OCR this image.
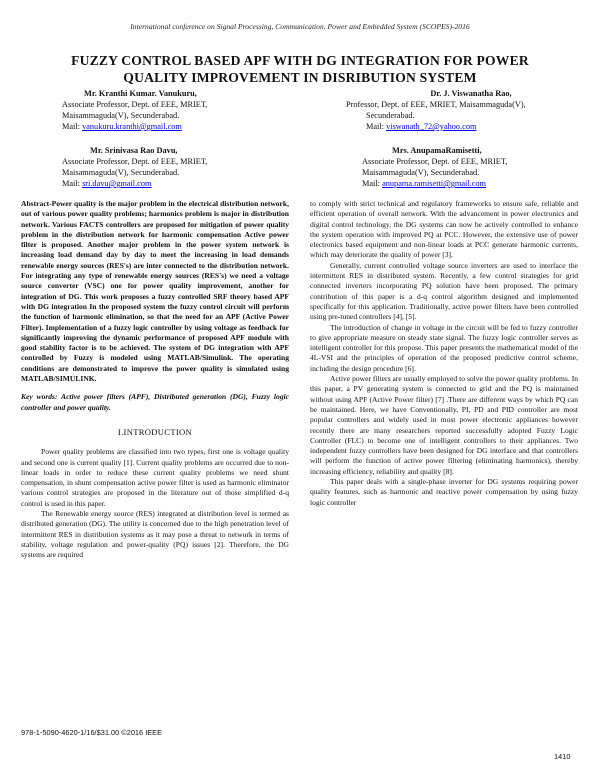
International conference on Signal Processing, Communication, Power and Embedded System (SCOPES)-2016
FUZZY CONTROL BASED APF WITH DG INTEGRATION FOR POWER
QUALITY IMPROVEMENT IN DISRIBUTION SYSTEM
Mr. Kranthi Kumar. Vanukuru,
Associate Professor, Dept. of EEE, MRIET,
Maisammaguda(V), Secunderabad.
Mail: vanukuru.kranthi@gmail.com
Dr. J. Viswanatha Rao,
Professor, Dept. of EEE, MRIET, Maisammaguda(V),
Secunderabad.
Mail: viswanath_72@yahoo.com
Mr. Srinivasa Rao Davu,
Associate Professor, Dept. of EEE, MRIET,
Maisammaguda(V), Secunderabad.
Mail: sri.davu@gmail.com
Mrs. AnupamaRamisetti,
Associate Professor, Dept. of EEE, MRIET,
Maisammaguda(V), Secunderabad.
Mail: anupama.ramisetti@gmail.com

Abstract-Power quality is the major problem in the electrical distribution network, out of various power quality problems; harmonics problem is major in distribution network. Various FACTS controllers are proposed for mitigation of power quality problem in the distribution network for harmonic compensation Active power filter is proposed. Another major problem in the power system network is increasing load demand day by day to meet the increasing in load demands renewable energy sources (RES's) are inter connected to the distribution network. For integrating any type of renewable energy sources (RES's) we need a voltage source converter (VSC) one for power quality improvement, another for integration of DG. This work proposes a fuzzy controlled SRF theory based APF with DG integration In the proposed system the fuzzy control circuit will perform the function of harmonic elimination, so that the need for an APF (Active Power Filter). Implementation of a fuzzy logic controller by using voltage as feedback for significantly improving the dynamic performance of proposed APF module with good stability factor is to be achieved. The system of DG integration with APF controlled by Fuzzy is modeled using MATLAB/Simulink. The operating conditions are demonstrated to improve the power quality is simulated using MATLAB/SIMULINK.

Key words: Active power filters (APF), Distributed generation (DG), Fuzzy logic controller and power quality.

I.INTRODUCTION

Power quality problems are classified into two types, first one is voltage quality and second one is current quality [1]. Current quality problems are occurred due to non-linear loads in order to reduce these current quality problems we need shunt compensation, in shunt compensation active power filter is used as harmonic eliminator various control strategies are proposed in the literature out of those simplified d-q control is used in this paper.

The Renewable energy source (RES) integrated at distribution level is termed as distributed generation (DG). The utility is concerned due to the high penetration level of intermittent RES in distribution systems as it may pose a threat to network in terms of stability, voltage regulation and power-quality (PQ) issues [2]. Therefore, the DG systems are required

to comply with strict technical and regulatory frameworks to ensure safe, reliable and efficient operation of overall network. With the advancement in power electronics and digital control technology, the DG systems can now be actively controlled to enhance the system operation with improved PQ at PCC. However, the extensive use of power electronics based equipment and non-linear loads at PCC generate harmonic currents, which may deteriorate the quality of power [3].

Generally, current controlled voltage source inverters are used to interface the intermittent RES in distributed system. Recently, a few control strategies for grid connected inverters incorporating PQ solution have been proposed. The primary contribution of this paper is a d-q control algorithm designed and implemented specifically for this application. Traditionally, active power filters have been controlled using pre-tuned controllers [4], [5].

The introduction of change in voltage in the circuit will be fed to fuzzy controller to give appropriate measure on steady state signal. The fuzzy logic controller serves as intelligent controller for this propose. This paper presents the mathematical model of the 4L-VSI and the principles of operation of the proposed predictive control scheme, including the design procedure [6].

Active power filters are usually employed to solve the power quality problems. In this paper, a PV generating system is connected to grid and the PQ is maintained without using APF (Active Power filter) [7] .There are different ways by which PQ can be maintained. Here, we have Conventionally, PI, PD and PID controller are most popular controllers and widely used in most power electronic appliances however recently there are many researchers reported successfully adopted Fuzzy Logic Controller (FLC) to become one of intelligent controllers to their appliances. Two independent fuzzy controllers have been designed for DG interface and that controllers will perform the function of active power filtering (eliminating harmonics), thereby increasing efficiency, reliability and quality [8].

This paper deals with a single-phase inverter for DG systems requiring power quality features, such as harmonic and reactive power compensation by using fuzzy logic controller

978-1-5090-4620-1/16/$31.00 ©2016 IEEE
1410
